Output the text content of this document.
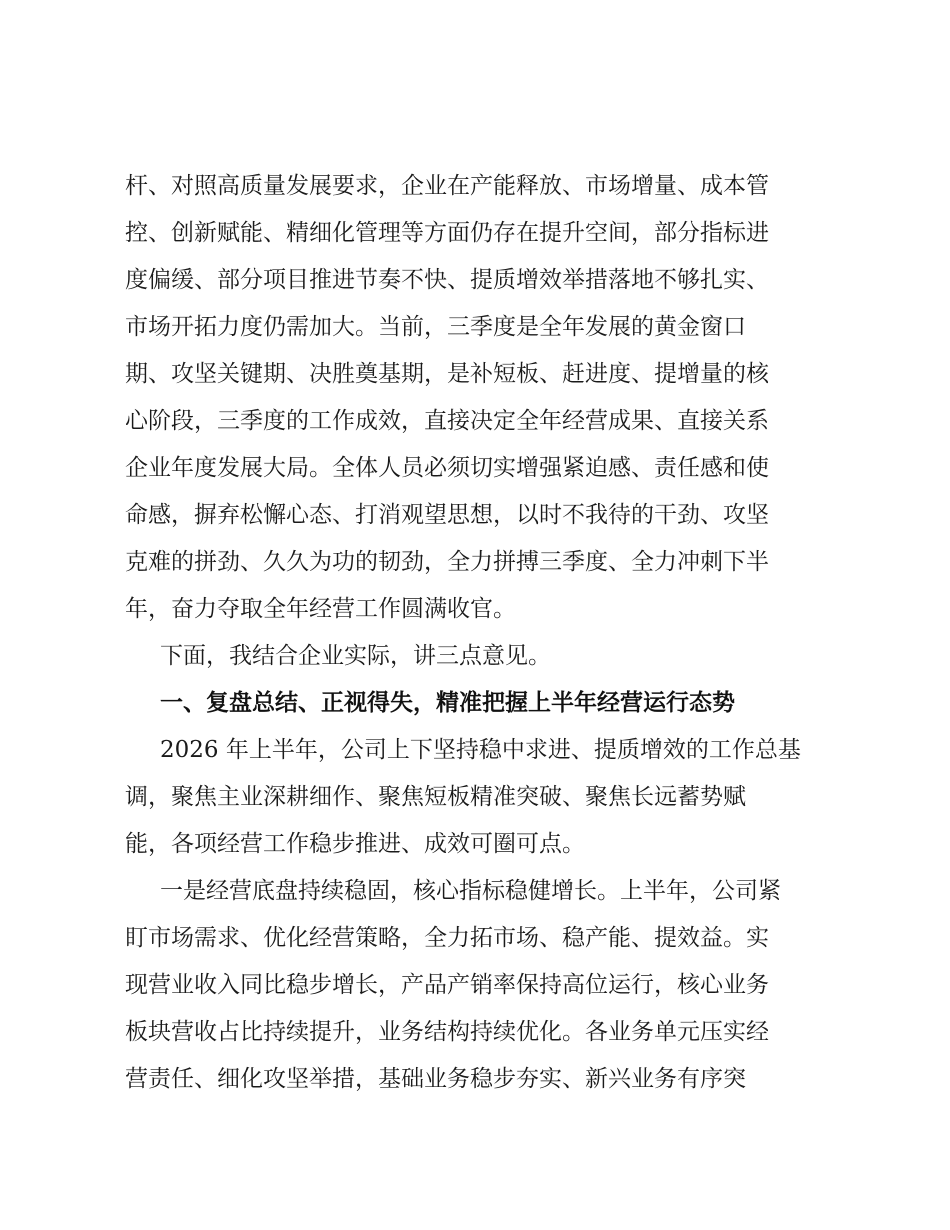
杆、对照高质量发展要求，企业在产能释放、市场增量、成本管

控、创新赋能、精细化管理等方面仍存在提升空间，部分指标进

度偏缓、部分项目推进节奏不快、提质增效举措落地不够扎实、

市场开拓力度仍需加大。当前，三季度是全年发展的黄金窗口

期、攻坚关键期、决胜奠基期，是补短板、赶进度、提增量的核

心阶段，三季度的工作成效，直接决定全年经营成果、直接关系

企业年度发展大局。全体人员必须切实增强紧迫感、责任感和使

命感，摒弃松懈心态、打消观望思想，以时不我待的干劲、攻坚

克难的拼劲、久久为功的韧劲，全力拼搏三季度、全力冲刺下半

年，奋力夺取全年经营工作圆满收官。

下面，我结合企业实际，讲三点意见。

一、复盘总结、正视得失，精准把握上半年经营运行态势

2026 年上半年，公司上下坚持稳中求进、提质增效的工作总基

调，聚焦主业深耕细作、聚焦短板精准突破、聚焦长远蓄势赋

能，各项经营工作稳步推进、成效可圈可点。

一是经营底盘持续稳固，核心指标稳健增长。上半年，公司紧

盯市场需求、优化经营策略，全力拓市场、稳产能、提效益。实

现营业收入同比稳步增长，产品产销率保持高位运行，核心业务

板块营收占比持续提升，业务结构持续优化。各业务单元压实经

营责任、细化攻坚举措，基础业务稳步夯实、新兴业务有序突
